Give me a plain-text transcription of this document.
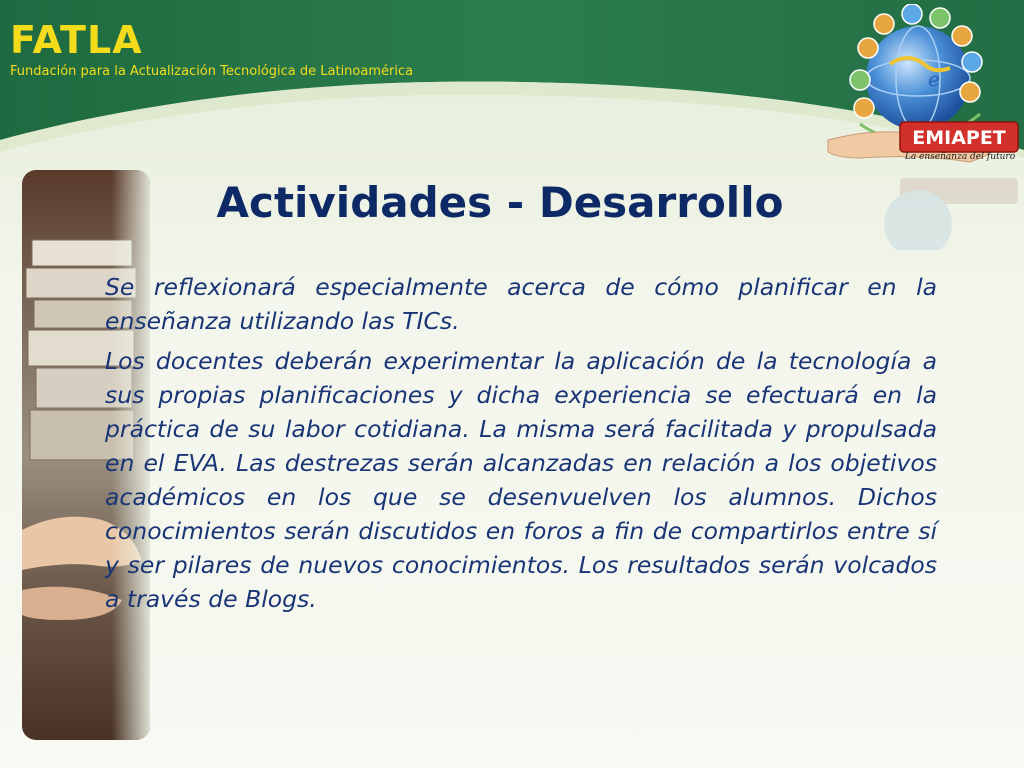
FATLA
Fundación para la Actualización Tecnológica de Latinoamérica	e
EMIAPET
La enseñanza del futuro
Actividades - Desarrollo

Se reflexionará especialmente acerca de cómo planificar en la enseñanza utilizando las TICs.

Los docentes deberán experimentar la aplicación de la tecnología a sus propias planificaciones y dicha experiencia se efectuará en la práctica de su labor cotidiana. La misma será facilitada y propulsada en el EVA. Las destrezas serán alcanzadas en relación a los objetivos académicos en los que se desenvuelven los alumnos. Dichos conocimientos serán discutidos en foros a fin de compartirlos entre sí y ser pilares de nuevos conocimientos. Los resultados serán volcados a través de Blogs.
